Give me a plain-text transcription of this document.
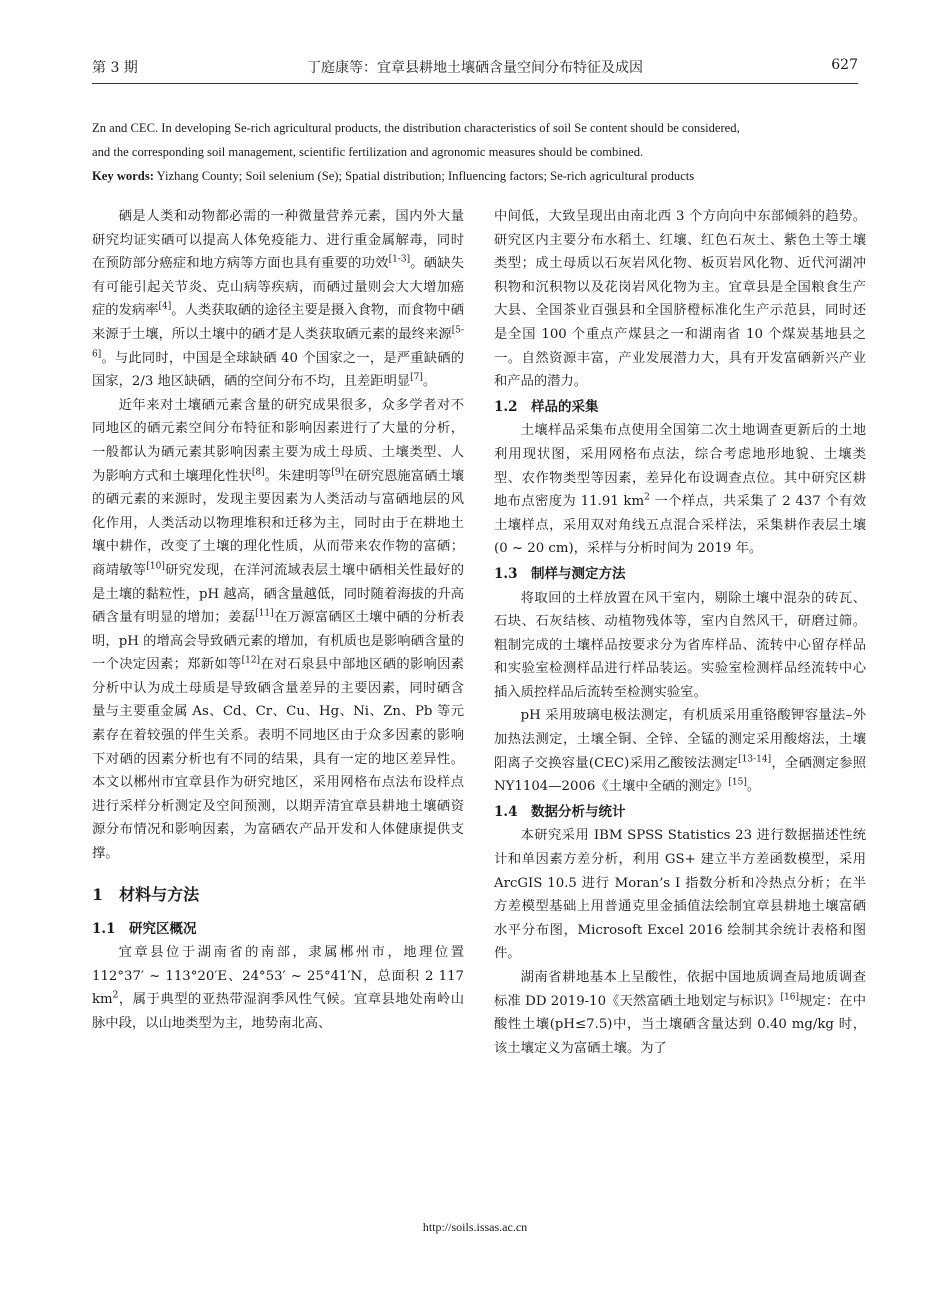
第 3 期	丁庭康等：宜章县耕地土壤硒含量空间分布特征及成因	627

Zn and CEC. In developing Se-rich agricultural products, the distribution characteristics of soil Se content should be considered,

and the corresponding soil management, scientific fertilization and agronomic measures should be combined.

Key words: Yizhang County; Soil selenium (Se); Spatial distribution; Influencing factors; Se-rich agricultural products

硒是人类和动物都必需的一种微量营养元素，国内外大量研究均证实硒可以提高人体免疫能力、进行重金属解毒，同时在预防部分癌症和地方病等方面也具有重要的功效[1-3]。硒缺失有可能引起关节炎、克山病等疾病，而硒过量则会大大增加癌症的发病率[4]。人类获取硒的途径主要是摄入食物，而食物中硒来源于土壤，所以土壤中的硒才是人类获取硒元素的最终来源[5-6]。与此同时，中国是全球缺硒 40 个国家之一，是严重缺硒的国家，2/3 地区缺硒，硒的空间分布不均，且差距明显[7]。

近年来对土壤硒元素含量的研究成果很多，众多学者对不同地区的硒元素空间分布特征和影响因素进行了大量的分析，一般都认为硒元素其影响因素主要为成土母质、土壤类型、人为影响方式和土壤理化性状[8]。朱建明等[9]在研究恩施富硒土壤的硒元素的来源时，发现主要因素为人类活动与富硒地层的风化作用，人类活动以物理堆积和迁移为主，同时由于在耕地土壤中耕作，改变了土壤的理化性质，从而带来农作物的富硒；商靖敏等[10]研究发现，在洋河流域表层土壤中硒相关性最好的是土壤的黏粒性，pH 越高，硒含量越低，同时随着海拔的升高硒含量有明显的增加；姜磊[11]在万源富硒区土壤中硒的分析表明，pH 的增高会导致硒元素的增加，有机质也是影响硒含量的一个决定因素；郑新如等[12]在对石泉县中部地区硒的影响因素分析中认为成土母质是导致硒含量差异的主要因素，同时硒含量与主要重金属 As、Cd、Cr、Cu、Hg、Ni、Zn、Pb 等元素存在着较强的伴生关系。表明不同地区由于众多因素的影响下对硒的因素分析也有不同的结果，具有一定的地区差异性。本文以郴州市宜章县作为研究地区，采用网格布点法布设样点进行采样分析测定及空间预测，以期弄清宜章县耕地土壤硒资源分布情况和影响因素，为富硒农产品开发和人体健康提供支撑。

1　材料与方法
1.1　研究区概况

宜章县位于湖南省的南部，隶属郴州市，地理位置 112°37′ ~ 113°20′E、24°53′ ~ 25°41′N，总面积 2 117 $km^2$，属于典型的亚热带湿润季风性气候。宜章县地处南岭山脉中段，以山地类型为主，地势南北高、

中间低，大致呈现出由南北西 3 个方向向中东部倾斜的趋势。研究区内主要分布水稻土、红壤、红色石灰土、紫色土等土壤类型；成土母质以石灰岩风化物、板页岩风化物、近代河湖冲积物和沉积物以及花岗岩风化物为主。宜章县是全国粮食生产大县、全国茶业百强县和全国脐橙标准化生产示范县，同时还是全国 100 个重点产煤县之一和湖南省 10 个煤炭基地县之一。自然资源丰富，产业发展潜力大，具有开发富硒新兴产业和产品的潜力。

1.2　样品的采集

土壤样品采集布点使用全国第二次土地调查更新后的土地利用现状图，采用网格布点法，综合考虑地形地貌、土壤类型、农作物类型等因素，差异化布设调查点位。其中研究区耕地布点密度为 11.91 $km^2$ 一个样点，共采集了 2 437 个有效土壤样点，采用双对角线五点混合采样法，采集耕作表层土壤(0 ~ 20 cm)，采样与分析时间为 2019 年。

1.3　制样与测定方法

将取回的土样放置在风干室内，剔除土壤中混杂的砖瓦、石块、石灰结核、动植物残体等，室内自然风干，研磨过筛。粗制完成的土壤样品按要求分为省库样品、流转中心留存样品和实验室检测样品进行样品装运。实验室检测样品经流转中心插入质控样品后流转至检测实验室。

pH 采用玻璃电极法测定，有机质采用重铬酸钾容量法–外加热法测定，土壤全铜、全锌、全锰的测定采用酸熔法，土壤阳离子交换容量(CEC)采用乙酸铵法测定[13-14]，全硒测定参照 NY1104—2006《土壤中全硒的测定》[15]。

1.4　数据分析与统计

本研究采用 IBM SPSS Statistics 23 进行数据描述性统计和单因素方差分析，利用 GS+ 建立半方差函数模型，采用 ArcGIS 10.5 进行 Moran’s I 指数分析和冷热点分析；在半方差模型基础上用普通克里金插值法绘制宜章县耕地土壤富硒水平分布图，Microsoft Excel 2016 绘制其余统计表格和图件。

湖南省耕地基本上呈酸性，依据中国地质调查局地质调查标准 DD 2019-10《天然富硒土地划定与标识》[16]规定：在中酸性土壤(pH≤7.5)中，当土壤硒含量达到 0.40 mg/kg 时，该土壤定义为富硒土壤。为了

http://soils.issas.ac.cn
